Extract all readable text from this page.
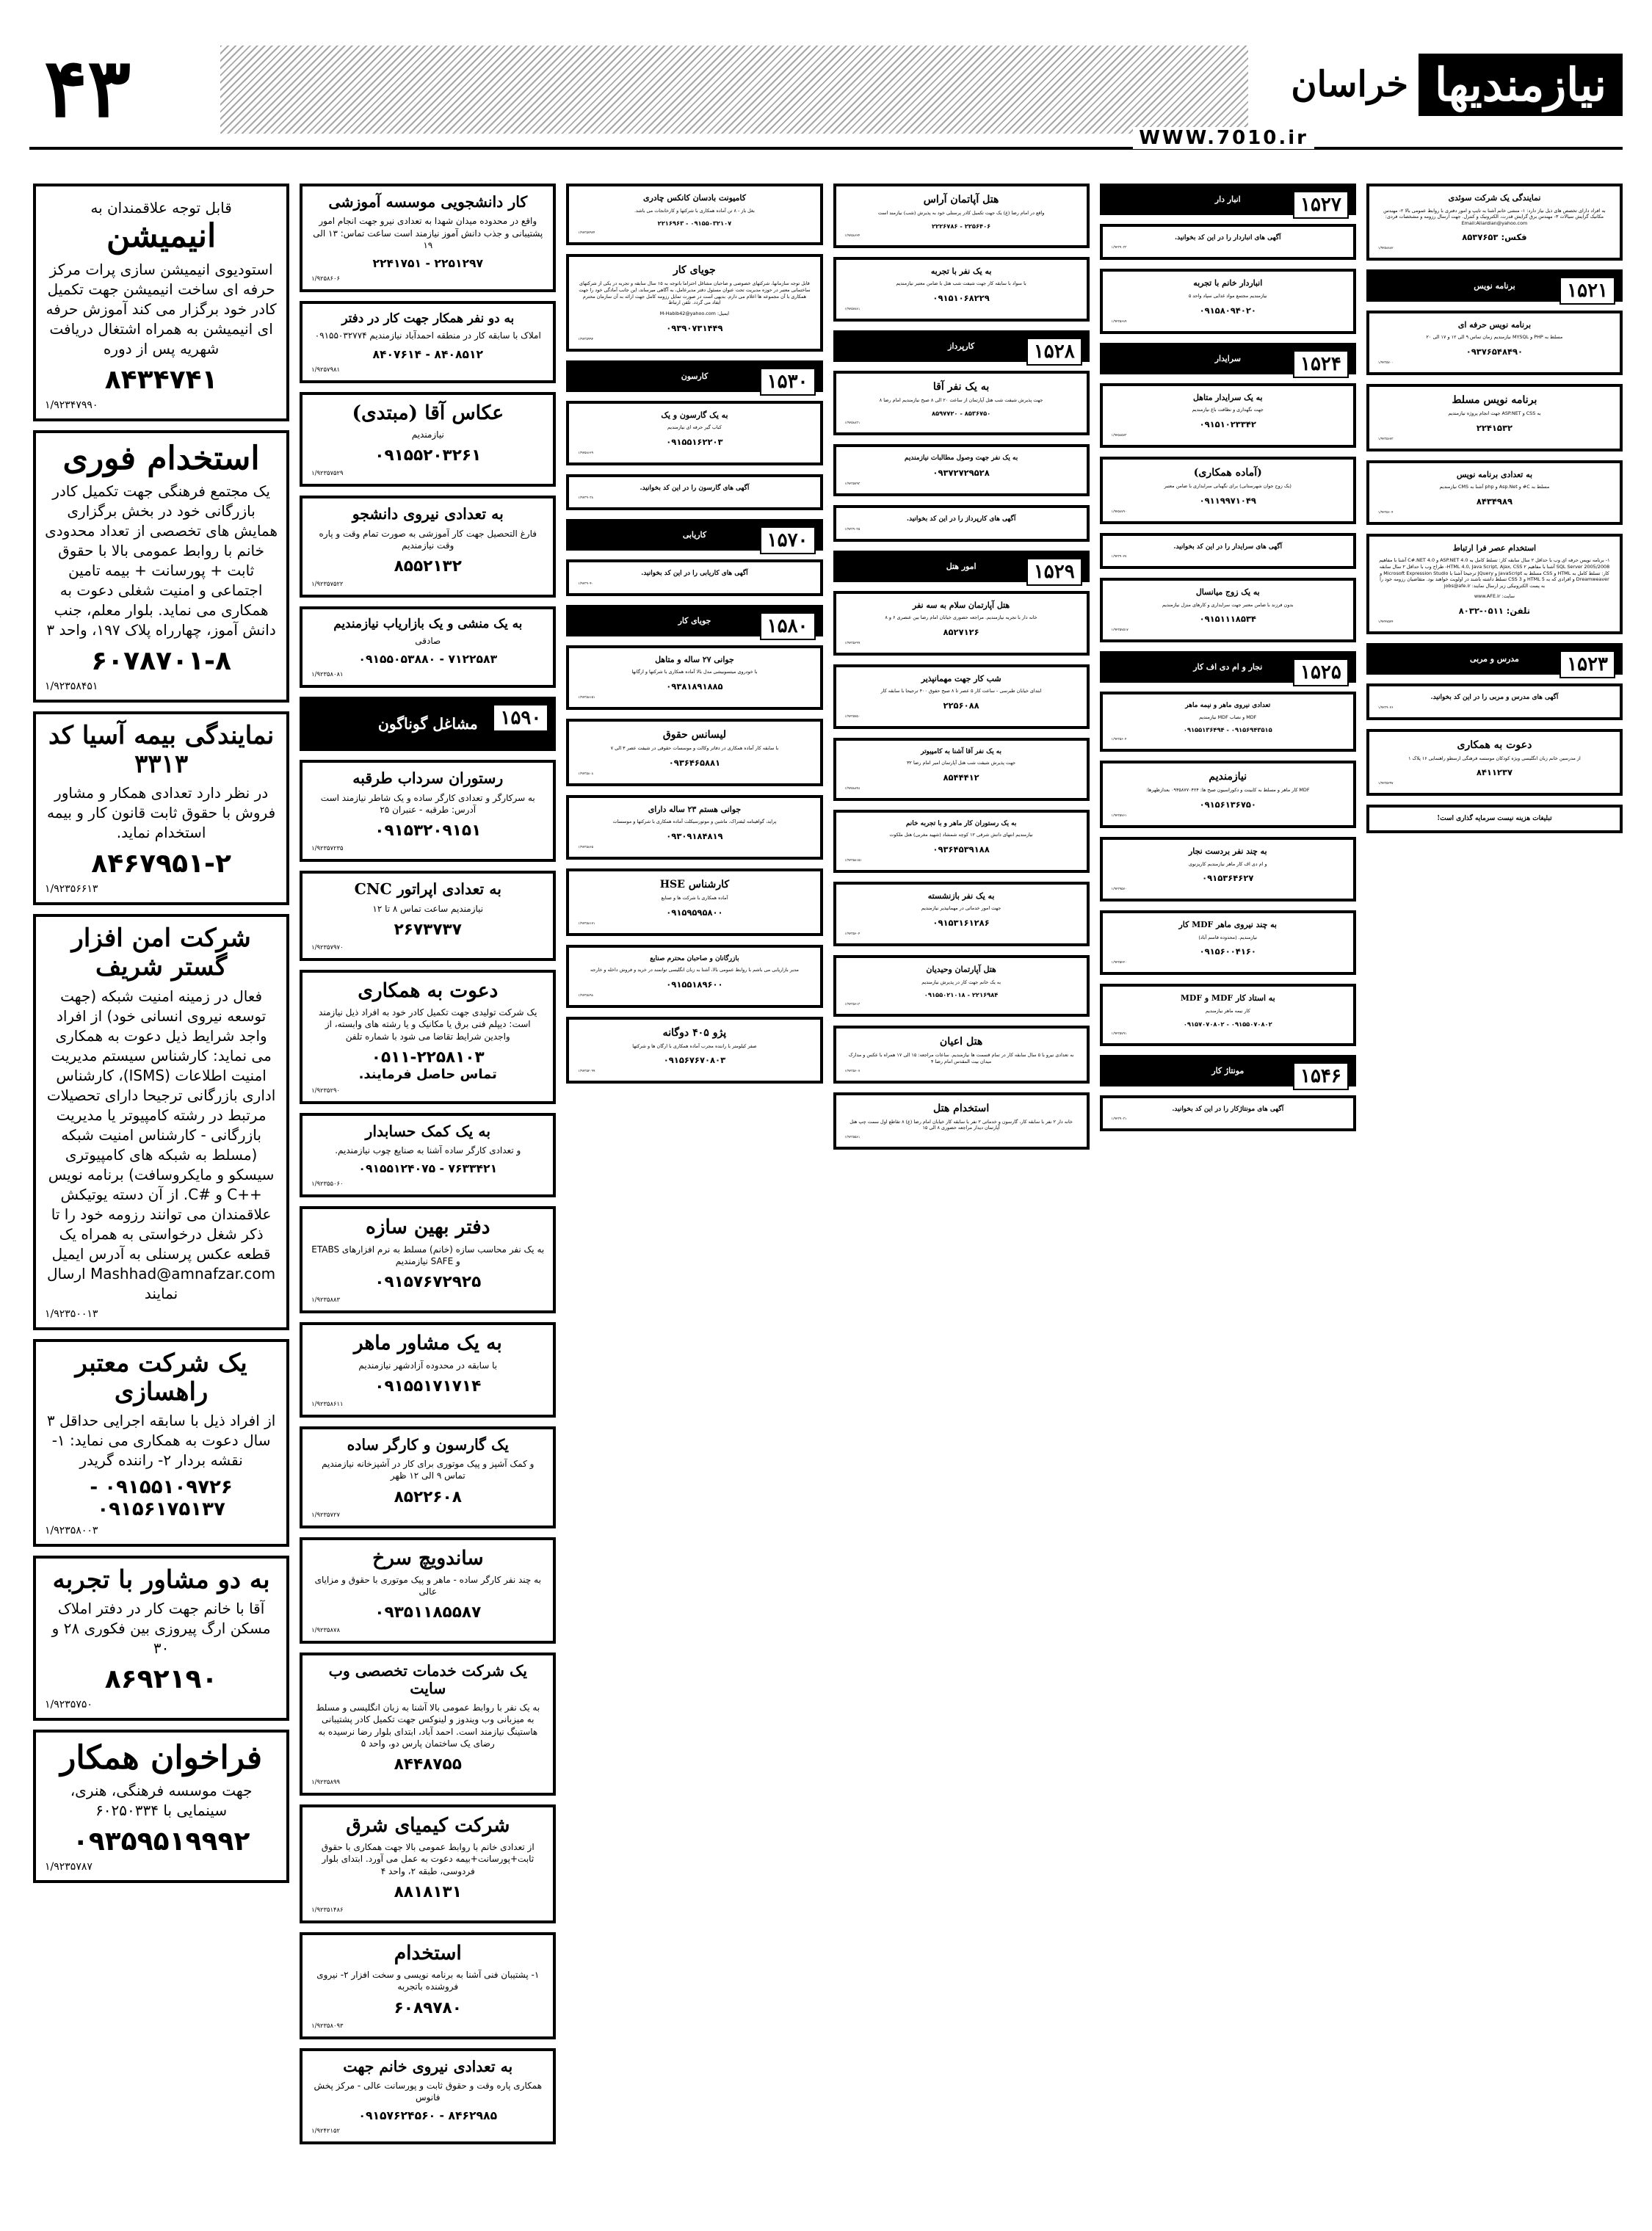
۴۳	نیازمندیها
خراسان
WWW.7010.ir
نمایندگی یک شرکت سوئدی
به افراد دارای تخصص های ذیل نیاز دارد: ۱- منشی خانم آشنا به تایپ و امور دفتری با روابط عمومی بالا ۲- مهندس مکانیک گرایش سیالات ۳- مهندس برق گرایش قدرت، الکترونیک و کنترل. جهت ارسال رزومه و مشخصات فردی: Email:Aliardian@yahoo.com
فکس: ۸۵۳۷۶۵۳
۱/۹۲۵۸۸۸۲
برنامه نویس	۱۵۲۱
برنامه نویس حرفه ای
مسلط به PHP و MYSQL نیازمندیم زمان تماس ۹ الی ۱۲ و ۱۷ الی ۲۰
۰۹۳۷۶۵۴۸۴۹۰
۱/۹۲۳۵۷۰۰
برنامه نویس مسلط
به CSS و ASP.NET جهت انجام پروژه نیازمندیم
۲۲۴۱۵۳۲
۱/۹۲۳۵۶۷۳
به تعدادی برنامه نویس
مسلط به C# و Asp.Net و php آشنا به CMS نیازمندیم
۸۴۳۴۹۸۹
۱/۹۲۳۵۶۰۴
استخدام عصر فرا ارتباط
۱- برنامه نویس حرفه ای وب با حداقل ۲ سال سابقه کار: تسلط کامل به ASP.NET 4.0 و C#.NET 4.0 آشنا با مفاهیم SQL Server 2005/2008 آشنا با مفاهیم HTML 4.0, Java Script, Ajax, CSS ۲- طراح وب با حداقل ۲ سال سابقه کار: تسلط کامل به HTML و CSS مسلط به JavaScript و JQuery ترجیحا آشنا با Microsoft Expression Studio و Dreamweaver و افرادی که به HTML 5 و CSS 3 تسلط داشته باشند در اولویت خواهند بود. متقاضیان رزومه خود را به پست الکترونیکی زیر ارسال نمایند: jobs@afe.ir
سایت: www.AFE.ir
تلفن: ۰۵۱۱-۸۰۳۲
۱/۹۲۴۷۵۲۴
مدرس و مربی	۱۵۲۳
آگهی های مدرس و مربی را در این کد بخوانید.
۱/۹۲۳۹۰۲۶
دعوت به همکاری
از مدرسین خانم زبان انگلیسی ویژه کودکان موسسه فرهنگی ارسطو راهنمایی ۱۶ پلاک ۱
۸۴۱۱۲۳۷
۱/۹۲۳۵۲۹۷
تبلیغات هزینه نیست سرمایه گذاری است!
انبار دار	۱۵۲۷
آگهی های انباردار را در این کد بخوانید.
۱/۹۲۳۹۰۳۳
انباردار خانم با تجربه
نیازمندیم مجتمع مواد غذایی سپاد واحد ۵
۰۹۱۵۸۰۹۴۰۲۰
۱/۹۲۳۵۶۸۹
سرایدار	۱۵۲۴
به یک سرایدار متاهل
جهت نگهداری و نظافت باغ نیازمندیم
۰۹۱۵۱۰۲۳۳۴۲
۱/۹۲۵۸۵۷۳
(آماده همکاری)
(یک زوج جوان شهرستانی) برای نگهبانی سرایداری با ضامن معتبر
۰۹۱۱۹۹۷۱۰۴۹
۱/۹۲۵۸۷۹۰
آگهی های سرایدار را در این کد بخوانید.
۱/۹۲۳۹۰۲۷
به یک زوج میانسال
بدون فرزند با ضامن معتبر جهت سرایداری و کارهای منزل نیازمندیم
۰۹۱۵۱۱۱۸۵۳۴
۱/۹۲۳۵۷۵۱۷
نجار و ام دی اف کار	۱۵۲۵
تعدادی نیروی ماهر و نیمه ماهر
MDF و نصاب MDF نیازمندیم
۰۹۱۵۶۹۴۳۵۱۵ - ۰۹۱۵۵۱۳۶۴۹۴
۱/۹۲۳۵۶۰۴
نیازمندیم
MDF کار ماهر و مسلط به کابینت و دکوراسیون صبح ها: ۰۹۳۵۸۷۷۰۴۲۴ بعدازظهرها:
۰۹۱۵۶۱۳۶۷۵۰
۱/۹۲۳۵۷۶۱
به چند نفر بردست نجار
و ام دی اف کار ماهر نیازمندیم کاریزنوی
۰۹۱۵۳۶۴۶۲۷
۱/۹۲۳۹۵۷۰
به چند نیروی ماهر MDF کار
نیازمندیم. (محدوده قاسم آباد)
۰۹۱۵۶۰۰۴۱۶۰
۱/۹۲۳۵۲۲۰
به استاد کار MDF و MDF
کار نیمه ماهر نیازمندیم
۰۹۱۵۵۰۷۰۸۰۲ - ۰۹۱۵۷۰۷۰۸۰۲
۱/۹۲۳۵۷۹۱
مونتاژ کار	۱۵۴۶
آگهی های مونتاژکار را در این کد بخوانید.
۱/۹۲۳۹۰۳۱
هتل آپاتمان آراس
واقع در امام رضا (ع) یک جهت تکمیل کادر پرسنلی خود به پذیرش (شب) نیازمند است
۲۲۵۶۴۰۶ - ۲۲۲۶۷۸۶
۱/۹۲۵۸۶۲۴
به یک نفر با تجربه
با سواد با سابقه کار جهت شیفت شب هتل با ضامن معتبر نیازمندیم
۰۹۱۵۱۰۶۸۲۲۹
۱/۹۲۵۷۸۸۱
کارپرداز	۱۵۲۸
به یک نفر آقا
جهت پذیرش شیفت شب هتل آپارتمان از ساعت ۲۰ الی ۸ صبح نیازمندیم امام رضا ۸
۸۵۳۶۷۵۰ - ۸۵۹۷۷۲۰
۱/۹۲۵۸۸۳۱
به یک نفر جهت وصول مطالبات نیازمندیم
۰۹۳۷۲۷۲۹۵۲۸
۱/۹۲۳۵۷۹۳
آگهی های کارپرداز را در این کد بخوانید.
۱/۹۲۳۹۰۳۵
امور هتل	۱۵۲۹
هتل آپارتمان سلام به سه نفر
خانه دار با تجربه نیازمندیم. مراجعه حضوری خیابان امام رضا بین عنصری ۶ و ۸
۸۵۲۷۱۲۶
۱/۹۲۳۵۶۹۹
شب کار جهت مهمانپذیر
ابتدای خیابان طبرسی - ساعت کار ۵ عصر تا ۸ صبح حقوق ۴۰۰ ترجیحا با سابقه کار
۲۲۵۶۰۸۸
۱/۹۲۳۵۷۵۰
به یک نفر آقا آشنا به کامپیوتر
جهت پذیرش شیفت شب هتل آپارتمان امیر امام رضا ۳۲
۸۵۴۴۴۱۲
۱/۹۲۵۸۸۴۸
به یک رستوران کار ماهر و با تجربه خانم
نیازمندیم انتهای دانش شرقی ۱۲ کوچه شمشاد (شهید مغربی) هتل ملکوت
۰۹۳۶۴۵۳۹۱۸۸
۱/۹۲۳۵۸۱۵۱
به یک نفر بازنشسته
جهت امور خدماتی در مهمانپذیر نیازمندیم
۰۹۱۵۳۱۶۱۲۸۶
۱/۹۲۳۵۶۰۴
هتل آپارتمان وحیدیان
به یک خانم جهت کار در پذیرش نیازمندیم
۲۲۱۶۹۸۴ - ۰۹۱۵۵۰۲۱۰۱۸
۱/۹۲۳۵۶۱۳
هتل اعیان
به تعدادی نیرو با ۵ سال سابقه کار در تمام قسمت ها نیازمندیم. ساعات مراجعه: ۱۵ الی ۱۷ همراه با عکس و مدارک میدان بیت المقدس امام رضا ۴
۱/۹۲۳۵۶۰۷
استخدام هتل
خانه دار ۲ نفر با سابقه کار، گارسون و خدماتی ۲ نفر با سابقه کار خیابان امام رضا (ع) ۸ تقاطع اول سمت چپ هتل آپارتمان دیدار مراجعه حضوری ۸ الی ۱۵
۱/۹۲۳۵۵۸۱
کامیونت بادسان کانکس چادری
بغل باز - ۸ تن آماده همکاری با شرکتها و کارخانجات می باشد.
۰۹۱۵۵۰۳۲۱۰۷ - ۲۲۱۶۹۶۳
۱/۹۲۳۵۷۹۲۴
جویای کار
قابل توجه سازمانها، شرکتهای خصوصی و صاحبان مشاغل احتراما باتوجه به ۱۵ سال سابقه و تجربه در یکی از شرکتهای ساختمانی معتبر در حوزه مدیریت تحت عنوان مسئول دفتر مدیرعامل، به آگاهی میرساند، این جانب آمادگی خود را جهت همکاری با آن مجموعه ها اعلام می دارم. بدیهی است در صورت تمایل رزومه کامل جهت ارائه به آن سازمان محترم ایفاد می گردد. تلفن ارتباط
ایمیل: M-Habib42@yahoo.com
۰۹۳۹۰۷۳۱۴۴۹
۱/۹۲۳۵۹۹۴
کارسون	۱۵۳۰
به یک گارسون و یک
کباب گیر حرفه ای نیازمندیم
۰۹۱۵۵۱۶۲۲۰۳
۱/۹۲۵۸۶۶۹
آگهی های گارسون را در این کد بخوانید.
۱/۹۲۳۹۰۳۸
کاریابی	۱۵۷۰
آگهی های کاریابی را در این کد بخوانید.
۱/۹۲۳۹۰۴۰
جویای کار	۱۵۸۰
جوانی ۲۷ ساله و متاهل
با خودروی میتسوبیشی مدل بالا آماده همکاری با شرکتها و ارگانها
۰۹۳۸۱۸۹۱۸۸۵
۱/۹۲۳۵۸۱۵۱
لیسانس حقوق
با سابقه کار آماده همکاری در دفاتر وکالت و موسسات حقوقی در شیفت عصر ۳ الی ۷
۰۹۳۶۴۶۵۸۸۱
۱/۹۲۳۵۸۰۸
جوانی هستم ۲۳ ساله دارای
پراید، گواهینامه لیفتراک، ماشین و موتورسیکلت آماده همکاری با شرکتها و موسسات
۰۹۳۰۹۱۸۴۸۱۹
۱/۹۲۳۵۸۶۵
کارشناس HSE
آماده همکاری با شرکت ها و صنایع
۰۹۱۵۹۵۹۵۸۰۰
۱/۹۲۳۵۸۱۷۱
بازرگانان و صاحبان محترم صنایع
مدیر بازاریابی می باشم با روابط عمومی بالا، آشنا به زبان انگلیسی توانمند در خرید و فروش داخله و خارجه
۰۹۱۵۵۱۸۹۶۰۰
۱/۹۲۳۵۸۹۸
پژو ۴۰۵ دوگانه
صفر کیلومتر با راننده مجرب آماده همکاری با ارگان ها و شرکتها
۰۹۱۵۶۷۶۷۰۸۰۳
۱/۹۲۳۵۲۰۹۹
کار دانشجویی موسسه آموزشی
واقع در محدوده میدان شهدا به تعدادی نیرو جهت انجام امور پشتیبانی و جذب دانش آموز نیازمند است ساعت تماس: ۱۳ الی ۱۹
۲۲۵۱۲۹۷ - ۲۲۴۱۷۵۱
۱/۹۲۵۸۶۰۶
به دو نفر همکار جهت کار در دفتر
املاک با سابقه کار در منطقه احمدآباد نیازمندیم ۰۹۱۵۵۰۳۲۷۷۴
۸۴۰۸۵۱۲ - ۸۴۰۷۶۱۴
۱/۹۲۵۷۹۸۱
عکاس آقا (مبتدی)
نیازمندیم
۰۹۱۵۵۲۰۳۲۶۱
۱/۹۲۳۵۷۵۲۹
به تعدادی نیروی دانشجو
فارغ التحصیل جهت کار آموزشی به صورت تمام وقت و پاره وقت نیازمندیم
۸۵۵۲۱۳۲
۱/۹۲۳۵۷۵۲۲
به یک منشی و یک بازاریاب نیازمندیم
صادقی
۷۱۲۲۵۸۳ - ۰۹۱۵۵۰۵۳۸۸۰
۱/۹۲۳۵۸۰۸۱
مشاغل گوناگون	۱۵۹۰
رستوران سرداب طرقبه
به سرکارگر و تعدادی کارگر ساده و یک شاطر نیازمند است آدرس: طرقبه - عنبران ۲۵
۰۹۱۵۳۲۰۹۱۵۱
۱/۹۲۳۵۷۲۳۵
به تعدادی اپراتور CNC
نیازمندیم ساعت تماس ۸ تا ۱۲
۲۶۷۳۷۳۷
۱/۹۲۳۵۷۹۷۰
دعوت به همکاری
یک شرکت تولیدی جهت تکمیل کادر خود به افراد ذیل نیازمند است: دیپلم فنی برق یا مکانیک و یا رشته های وابسته، از واجدین شرایط تقاضا می شود با شماره تلفن
۰۵۱۱-۲۲۵۸۱۰۳
تماس حاصل فرمایند.
۱/۹۲۳۵۲۹۰
به یک کمک حسابدار
و تعدادی کارگر ساده آشنا به صنایع چوب نیازمندیم.
۷۶۳۳۴۲۱ - ۰۹۱۵۵۱۲۴۰۷۵
۱/۹۲۳۵۵۰۶۰
دفتر بهین سازه
به یک نفر محاسب سازه (خانم) مسلط به نرم افزارهای ETABS و SAFE نیازمندیم
۰۹۱۵۷۶۷۲۹۲۵
۱/۹۲۳۵۸۸۳
به یک مشاور ماهر
با سابقه در محدوده آزادشهر نیازمندیم
۰۹۱۵۵۱۷۱۷۱۴
۱/۹۲۳۵۸۶۱۱
یک گارسون و کارگر ساده
و کمک آشپز و پیک موتوری برای کار در آشپزخانه نیازمندیم تماس ۹ الی ۱۲ ظهر
۸۵۲۲۶۰۸
۱/۹۲۳۵۷۲۷
ساندویچ سرخ
به چند نفر کارگر ساده - ماهر و پیک موتوری با حقوق و مزایای عالی
۰۹۳۵۱۱۸۵۵۸۷
۱/۹۲۳۵۸۷۸
یک شرکت خدمات تخصصی وب سایت
به یک نفر با روابط عمومی بالا آشنا به زبان انگلیسی و مسلط به میزبانی وب ویندوز و لینوکس جهت تکمیل کادر پشتیبانی هاستینگ نیازمند است. احمد آباد، ابتدای بلوار رضا نرسیده به رضای یک ساختمان پارس دو، واحد ۵
۸۴۴۸۷۵۵
۱/۹۲۳۵۸۹۹
شرکت کیمیای شرق
از تعدادی خانم با روابط عمومی بالا جهت همکاری با حقوق ثابت+پورسانت+بیمه دعوت به عمل می آورد. ابتدای بلوار فردوسی، طبقه ۲، واحد ۴
۸۸۱۸۱۳۱
۱/۹۲۳۵۱۴۸۶
استخدام
۱- پشتیبان فنی آشنا به برنامه نویسی و سخت افزار ۲- نیروی فروشنده باتجربه
۶۰۸۹۷۸۰
۱/۹۲۳۵۸۰۹۳
به تعدادی نیروی خانم جهت
همکاری پاره وقت و حقوق ثابت و پورسانت عالی - مرکز پخش فانوس
۸۴۶۲۹۸۵ - ۰۹۱۵۷۶۲۴۵۶۰
۱/۹۲۴۲۱۵۲
قابل توجه علاقمندان به
انیمیشن
استودیوی انیمیشن سازی پرات مرکز حرفه ای ساخت انیمیشن جهت تکمیل کادر خود برگزار می کند آموزش حرفه ای انیمیشن به همراه اشتغال دریافت شهریه پس از دوره
۸۴۳۴۷۴۱
۱/۹۲۳۴۷۹۹۰
استخدام فوری
یک مجتمع فرهنگی جهت تکمیل کادر بازرگانی خود در بخش برگزاری همایش های تخصصی از تعداد محدودی خانم با روابط عمومی بالا با حقوق ثابت + پورسانت + بیمه تامین اجتماعی و امنیت شغلی دعوت به همکاری می نماید. بلوار معلم، جنب دانش آموز، چهارراه پلاک ۱۹۷، واحد ۳
۶۰۷۸۷۰۱-۸
۱/۹۲۳۵۸۴۵۱
نمایندگی بیمه آسیا کد ۳۳۱۳
در نظر دارد تعدادی همکار و مشاور فروش با حقوق ثابت قانون کار و بیمه استخدام نماید.
۸۴۶۷۹۵۱-۲
۱/۹۲۳۵۶۶۱۳
شرکت امن افزار گستر شریف
فعال در زمینه امنیت شبکه (جهت توسعه نیروی انسانی خود) از افراد واجد شرایط ذیل دعوت به همکاری می نماید: کارشناس سیستم مدیریت امنیت اطلاعات (ISMS)، کارشناس اداری بازرگانی ترجیحا دارای تحصیلات مرتبط در رشته کامپیوتر یا مدیریت بازرگانی - کارشناس امنیت شبکه (مسلط به شبکه های کامپیوتری سیسکو و مایکروسافت) برنامه نویس ++C و #C. از آن دسته یوتیکش علاقمندان می توانند رزومه خود را تا ذکر شغل درخواستی به همراه یک قطعه عکس پرسنلی به آدرس ایمیل Mashhad@amnafzar.com ارسال نمایند
۱/۹۲۳۵۰۰۱۳
یک شرکت معتبر راهسازی
از افراد ذیل با سابقه اجرایی حداقل ۳ سال دعوت به همکاری می نماید: ۱- نقشه بردار ۲- راننده گریدر
۰۹۱۵۵۱۰۹۷۲۶ - ۰۹۱۵۶۱۷۵۱۳۷
۱/۹۲۳۵۸۰۰۳
به دو مشاور با تجربه
آقا با خانم جهت کار در دفتر املاک مسکن ارگ پیروزی بین فکوری ۲۸ و ۳۰
۸۶۹۲۱۹۰
۱/۹۲۳۵۷۵۰
فراخوان همکار
جهت موسسه فرهنگی، هنری، سینمایی با ۶۰۲۵۰۳۳۴
۰۹۳۵۹۵۱۹۹۹۲
۱/۹۲۳۵۷۸۷
